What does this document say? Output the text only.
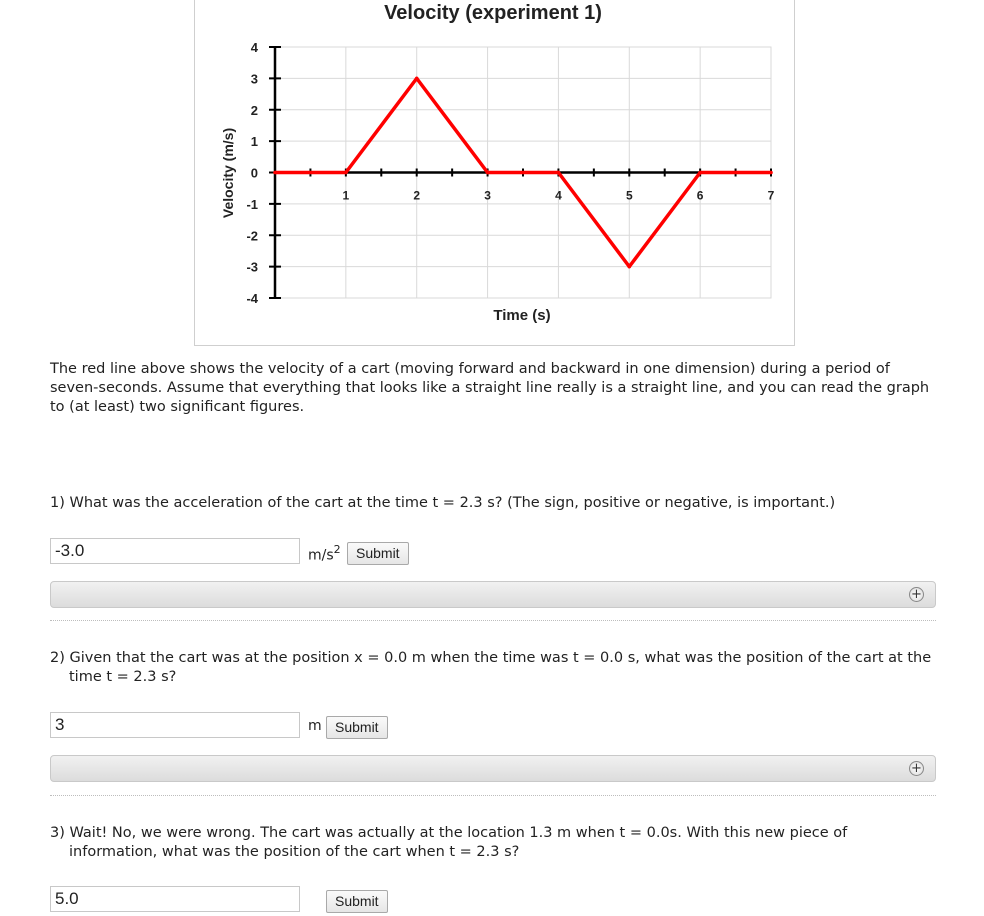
Velocity (experiment 1)
4
3
2
1
0
-1
-2
-3
-4
1	2	3	4	5	6	7
Time (s)
Velocity (m/s)
The red line above shows the velocity of a cart (moving forward and backward in one dimension) during a period of seven-seconds. Assume that everything that looks like a straight line really is a straight line, and you can read the graph to (at least) two significant figures.
1) What was the acceleration of the cart at the time t = 2.3 s? (The sign, positive or negative, is important.)
-3.0	$m/s^2$	Submit
+
2) Given that the cart was at the position x = 0.0 m when the time was t = 0.0 s, what was the position of the cart at the
time t = 2.3 s?
3	m Submit
+
3) Wait! No, we were wrong. The cart was actually at the location 1.3 m when t = 0.0s. With this new piece of
information, what was the position of the cart when t = 2.3 s?
5.0	Submit
